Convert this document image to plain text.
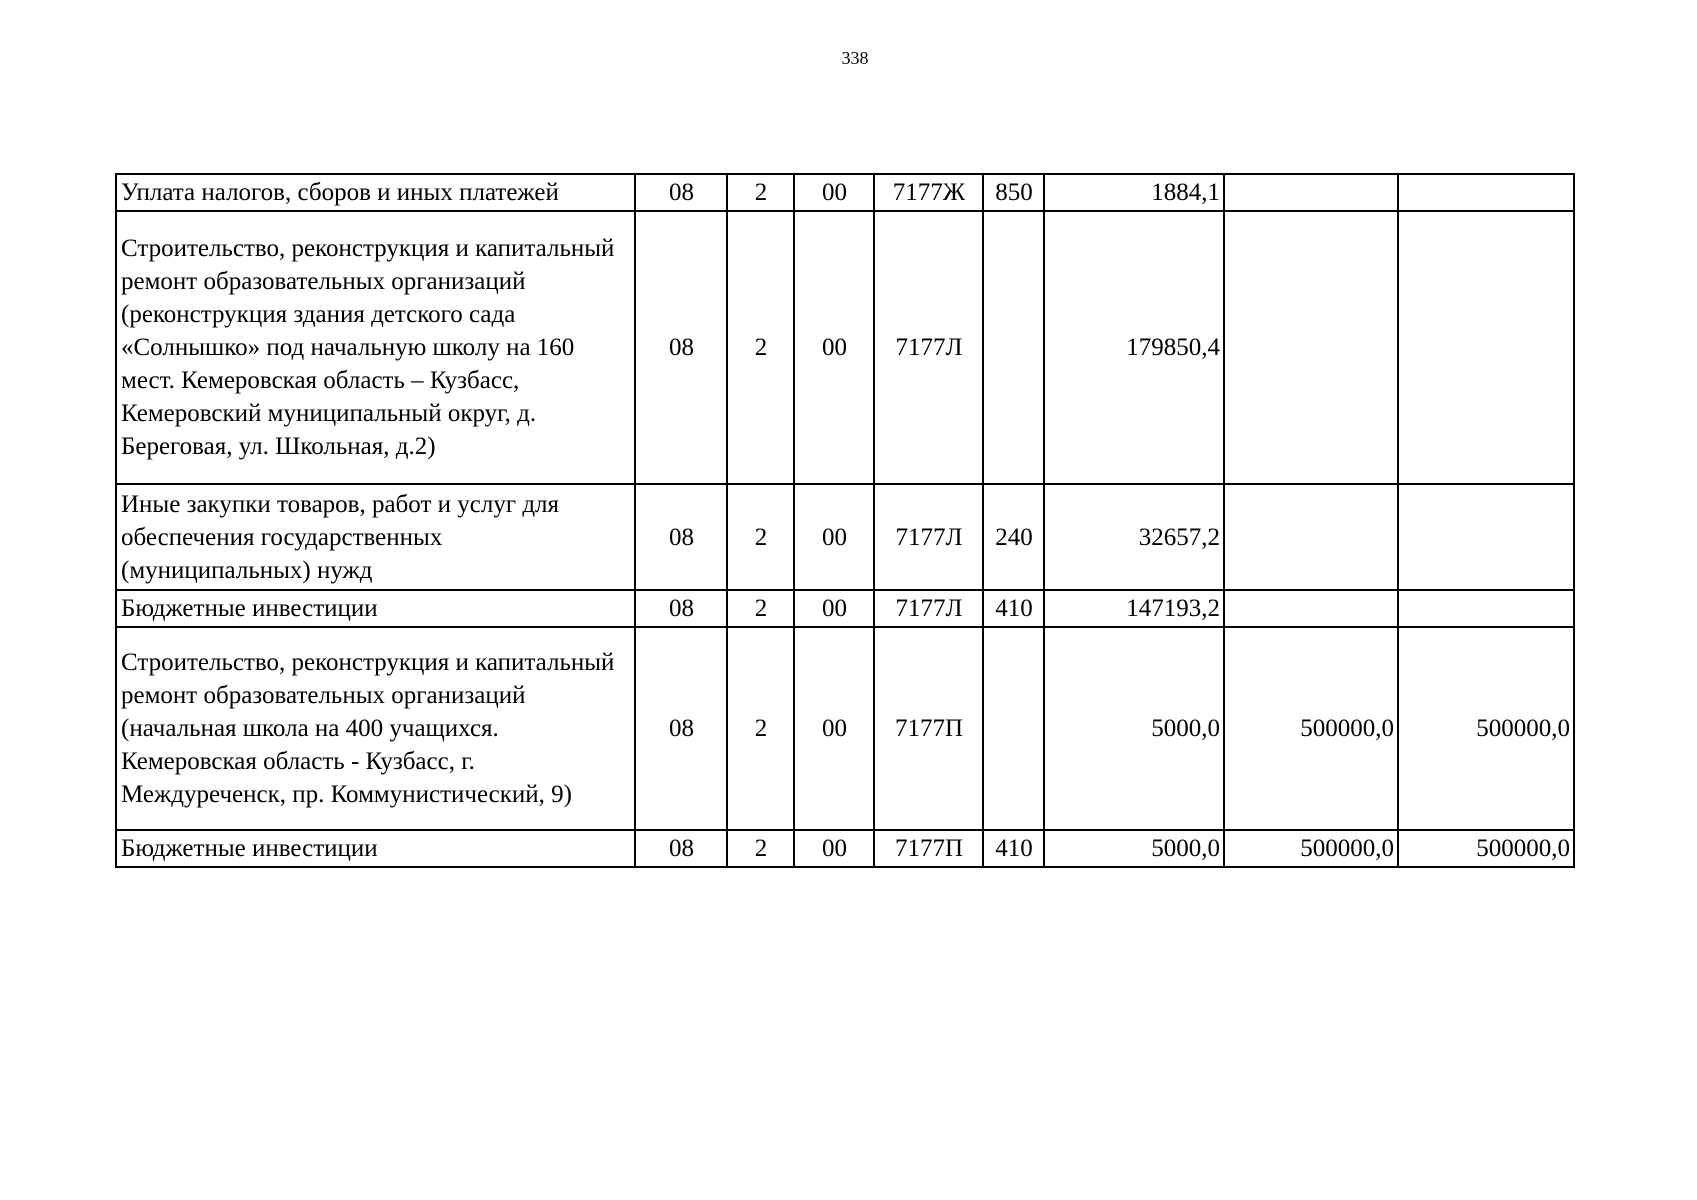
338
Уплата налогов, сборов и иных платежей	08	2	00	7177Ж	850	1884,1		
Строительство, реконструкция и капитальный ремонт образовательных организаций (реконструкция здания детского сада «Солнышко» под начальную школу на 160 мест. Кемеровская область – Кузбасс, Кемеровский муниципальный округ, д. Береговая, ул. Школьная, д.2)	08	2	00	7177Л		179850,4		
Иные закупки товаров, работ и услуг для обеспечения государственных (муниципальных) нужд	08	2	00	7177Л	240	32657,2		
Бюджетные инвестиции	08	2	00	7177Л	410	147193,2		
Строительство, реконструкция и капитальный ремонт образовательных организаций (начальная школа на 400 учащихся. Кемеровская область - Кузбасс, г. Междуреченск, пр. Коммунистический, 9)	08	2	00	7177П		5000,0	500000,0	500000,0
Бюджетные инвестиции	08	2	00	7177П	410	5000,0	500000,0	500000,0
